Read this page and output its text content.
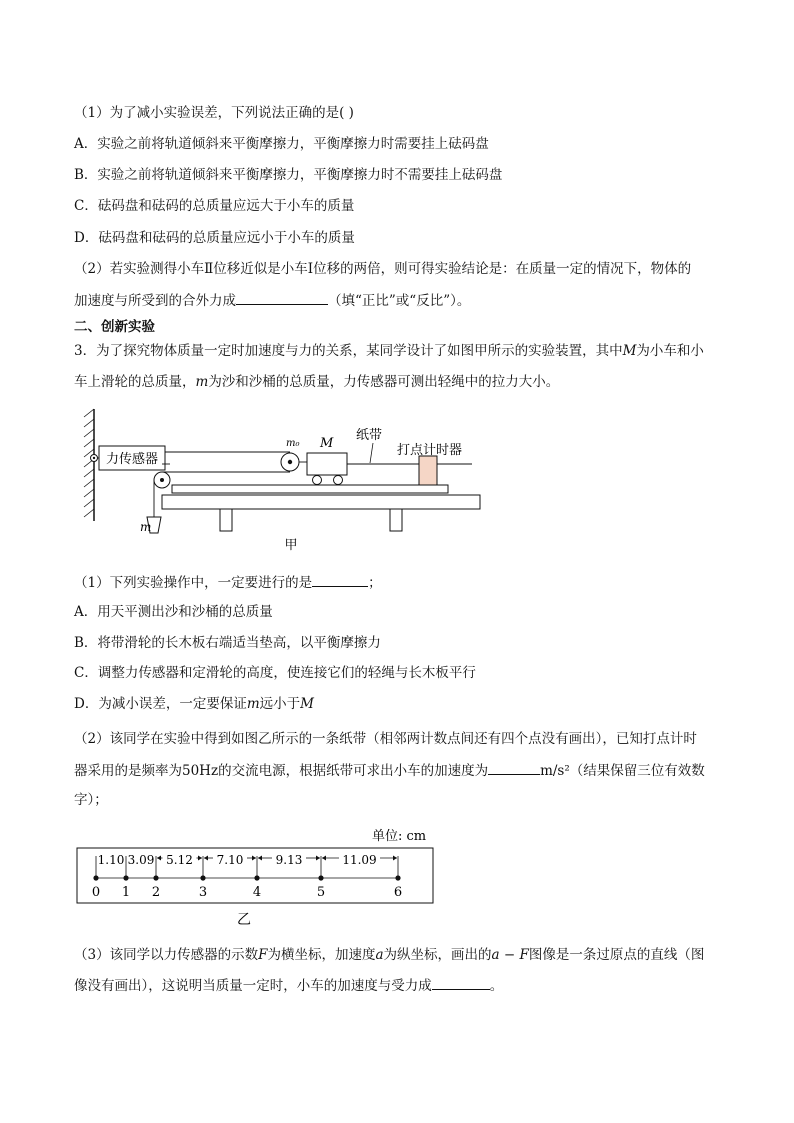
（1）为了减小实验误差，下列说法正确的是( )
A．实验之前将轨道倾斜来平衡摩擦力，平衡摩擦力时需要挂上砝码盘
B．实验之前将轨道倾斜来平衡摩擦力，平衡摩擦力时不需要挂上砝码盘
C．砝码盘和砝码的总质量应远大于小车的质量
D．砝码盘和砝码的总质量应远小于小车的质量
（2）若实验测得小车Ⅱ位移近似是小车Ⅰ位移的两倍，则可得实验结论是：在质量一定的情况下，物体的
加速度与所受到的合外力成	（填“正比”或“反比”）。
二、创新实验
3．为了探究物体质量一定时加速度与力的关系，某同学设计了如图甲所示的实验装置，其中M为小车和小
车上滑轮的总质量，m为沙和沙桶的总质量，力传感器可测出轻绳中的拉力大小。
力传感器
m
m₀ M
纸带
打点计时器
甲
（1）下列实验操作中，一定要进行的是	；
A．用天平测出沙和沙桶的总质量
B．将带滑轮的长木板右端适当垫高，以平衡摩擦力
C．调整力传感器和定滑轮的高度，使连接它们的轻绳与长木板平行
D．为减小误差，一定要保证m远小于M
（2）该同学在实验中得到如图乙所示的一条纸带（相邻两计数点间还有四个点没有画出），已知打点计时
器采用的是频率为50Hz的交流电源，根据纸带可求出小车的加速度为	m/s²（结果保留三位有效数
字）；
单位: cm
0 1 2	3	4	5	6
1.10 3.09 5.12 7.10	9.13	11.09
乙
（3）该同学以力传感器的示数F为横坐标，加速度a为纵坐标，画出的a − F图像是一条过原点的直线（图
像没有画出），这说明当质量一定时，小车的加速度与受力成	。
